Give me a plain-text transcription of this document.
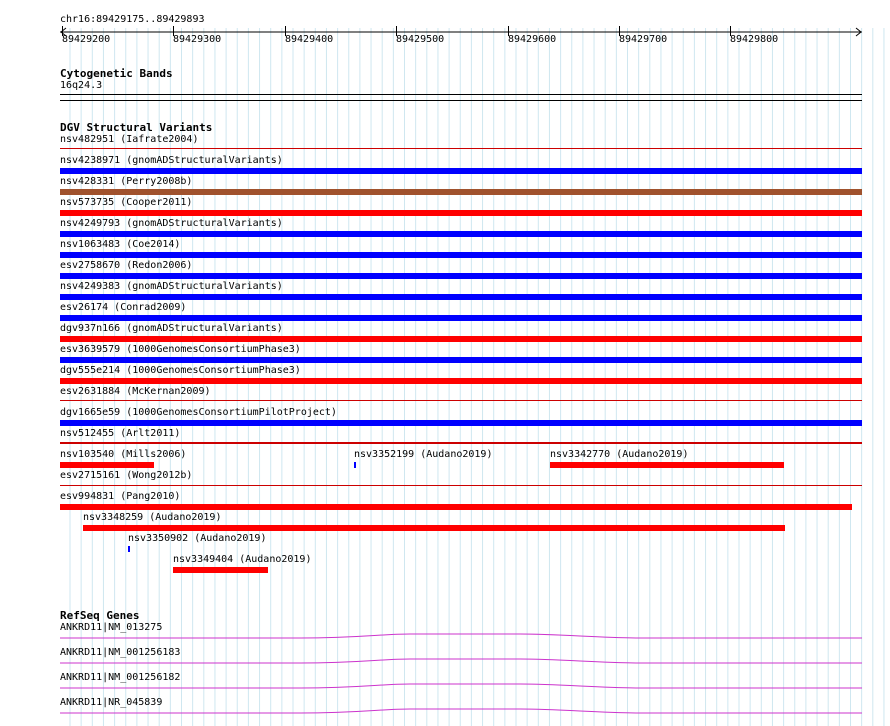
chr16:89429175..89429893
89429200	89429300	89429400	89429500	89429600	89429700	89429800
Cytogenetic Bands
16q24.3
DGV Structural Variants
nsv482951 (Iafrate2004)
nsv4238971 (gnomADStructuralVariants)
nsv428331 (Perry2008b)
nsv573735 (Cooper2011)
nsv4249793 (gnomADStructuralVariants)
nsv1063483 (Coe2014)
esv2758670 (Redon2006)
nsv4249383 (gnomADStructuralVariants)
esv26174 (Conrad2009)
dgv937n166 (gnomADStructuralVariants)
esv3639579 (1000GenomesConsortiumPhase3)
dgv555e214 (1000GenomesConsortiumPhase3)
esv2631884 (McKernan2009)
dgv1665e59 (1000GenomesConsortiumPilotProject)
nsv512455 (Arlt2011)
nsv103540 (Mills2006)	nsv3352199 (Audano2019)	nsv3342770 (Audano2019)
esv2715161 (Wong2012b)
esv994831 (Pang2010)
nsv3348259 (Audano2019)
nsv3350902 (Audano2019)
nsv3349404 (Audano2019)
RefSeq Genes
ANKRD11|NM_013275
ANKRD11|NM_001256183
ANKRD11|NM_001256182
ANKRD11|NR_045839
